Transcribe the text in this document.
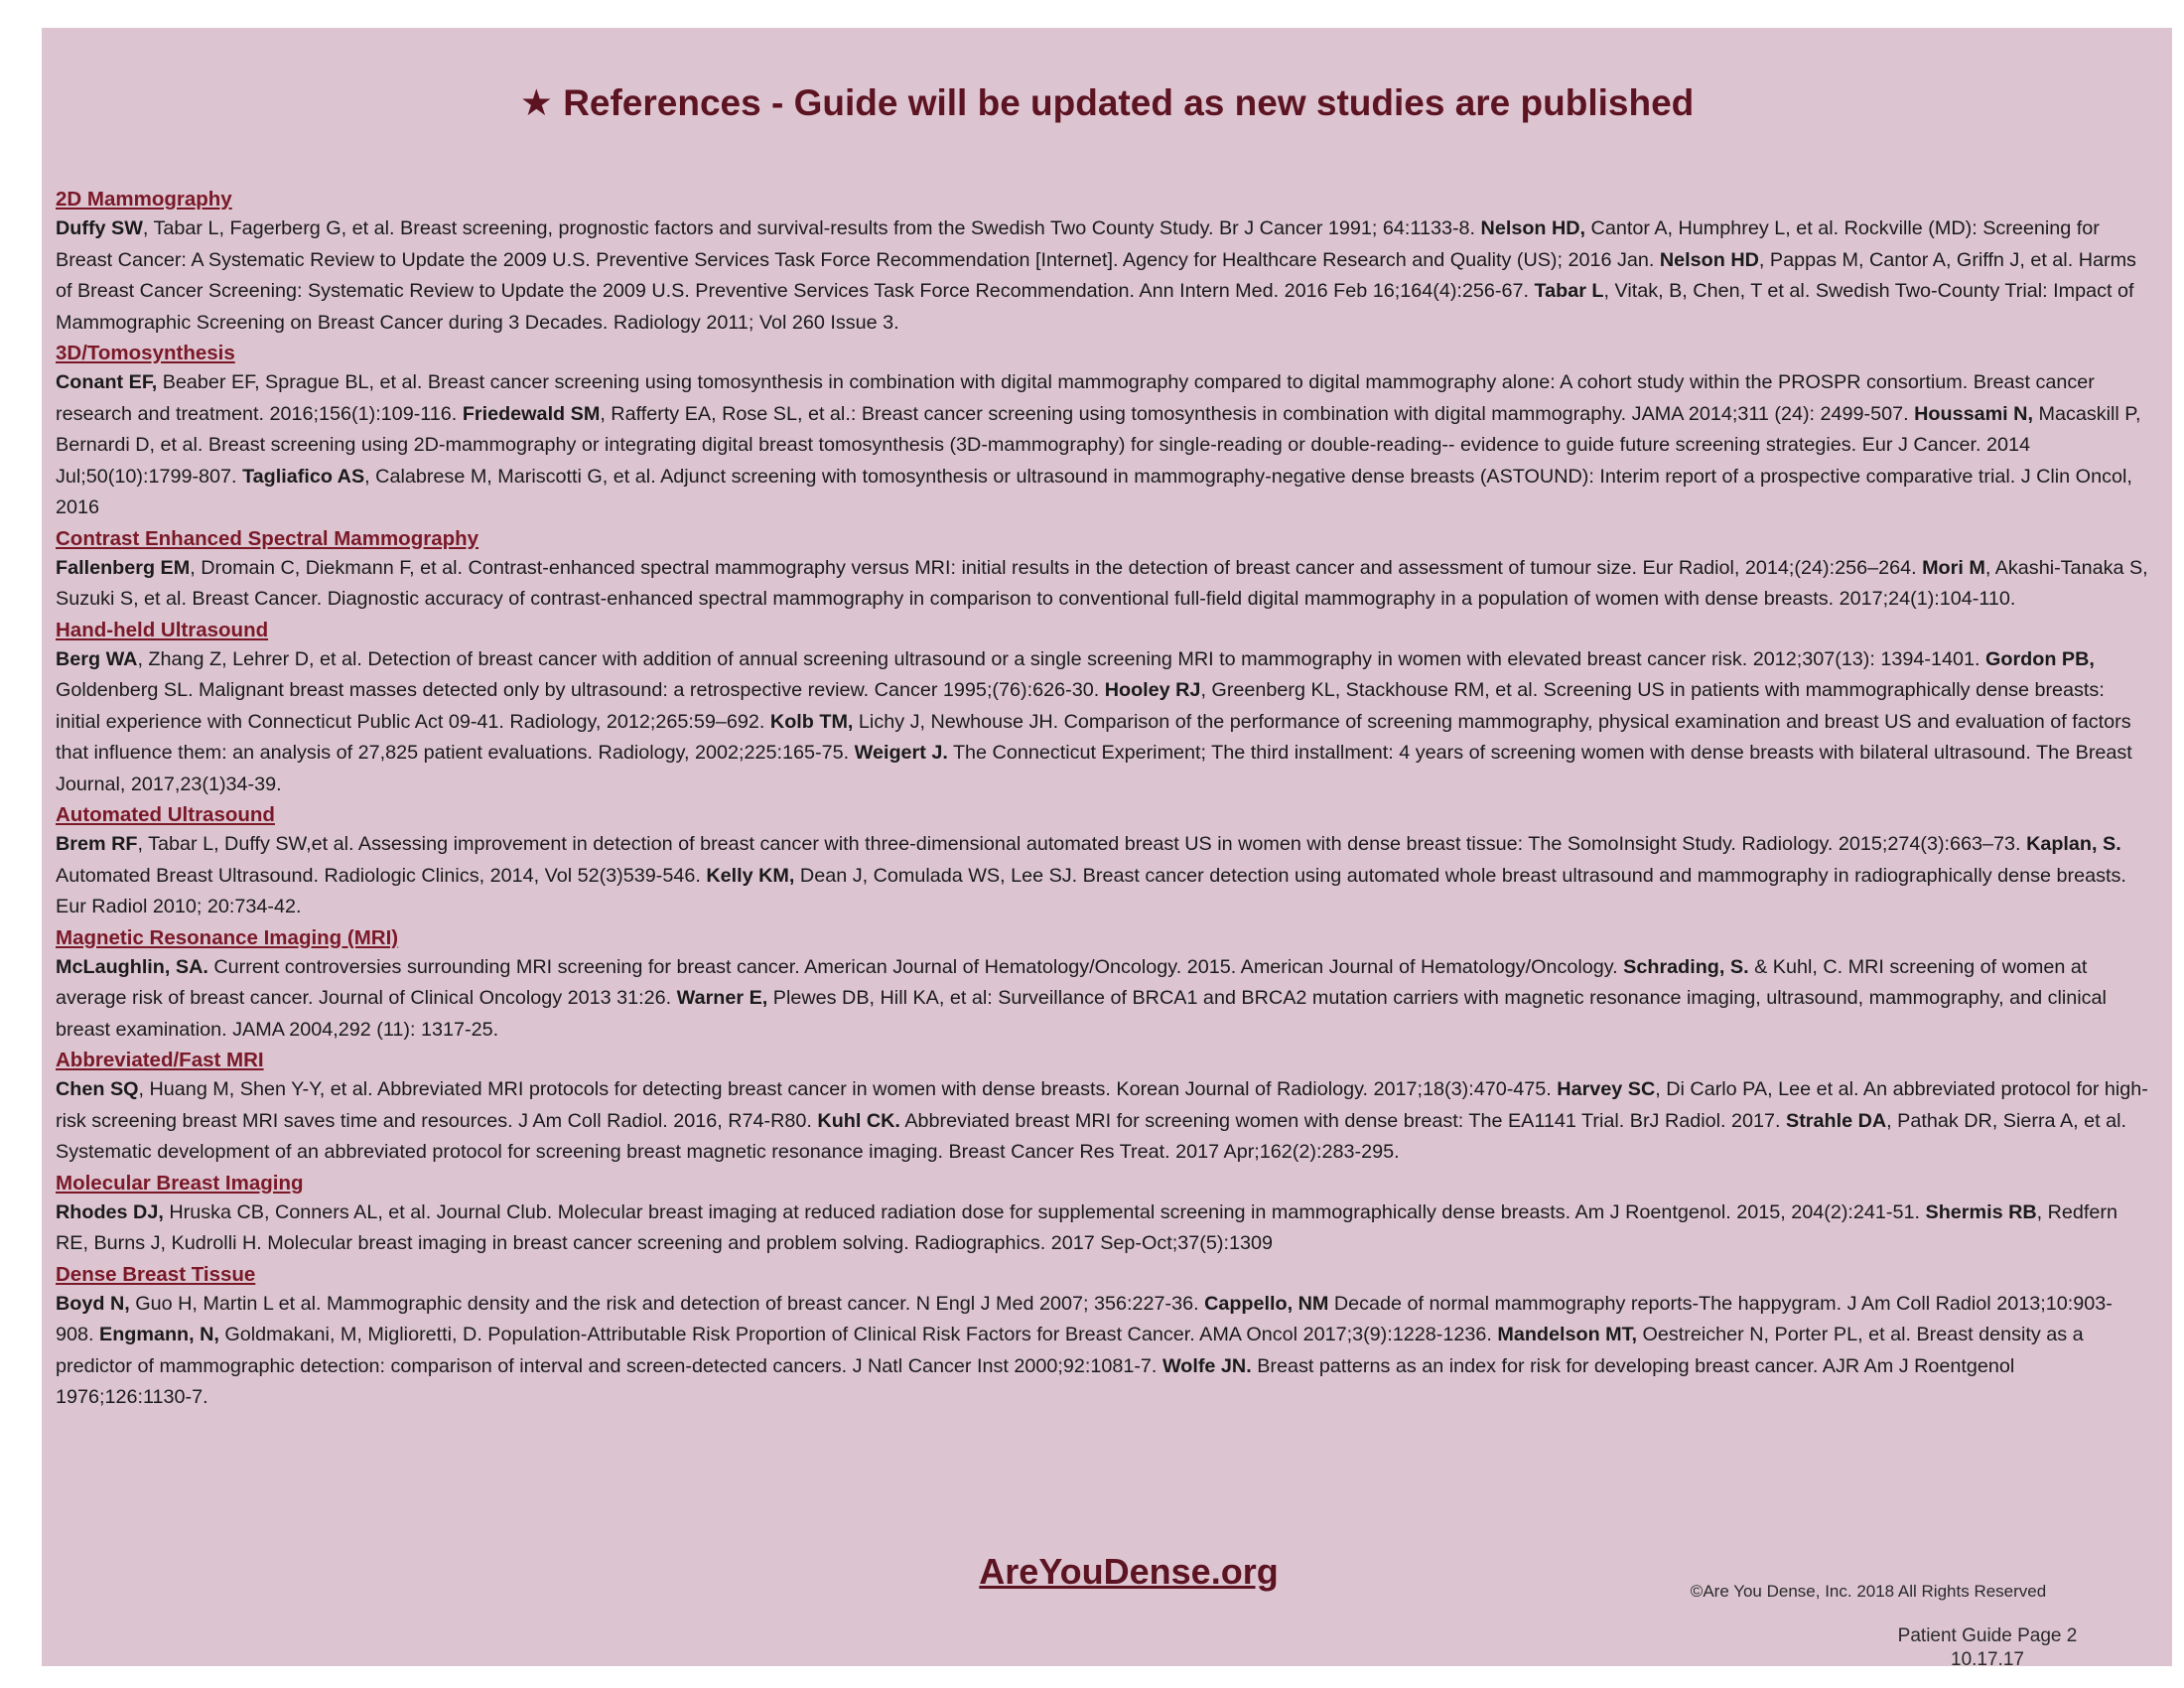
★ References - Guide will be updated as new studies are published
2D Mammography
Duffy SW, Tabar L, Fagerberg G, et al. Breast screening, prognostic factors and survival-results from the Swedish Two County Study. Br J Cancer 1991; 64:1133-8. Nelson HD, Cantor A, Humphrey L, et al. Rockville (MD): Screening for Breast Cancer: A Systematic Review to Update the 2009 U.S. Preventive Services Task Force Recommendation [Internet]. Agency for Healthcare Research and Quality (US); 2016 Jan. Nelson HD, Pappas M, Cantor A, Griffn J, et al. Harms of Breast Cancer Screening: Systematic Review to Update the 2009 U.S. Preventive Services Task Force Recommendation. Ann Intern Med. 2016 Feb 16;164(4):256-67. Tabar L, Vitak, B, Chen, T et al. Swedish Two-County Trial: Impact of Mammographic Screening on Breast Cancer during 3 Decades. Radiology 2011; Vol 260 Issue 3.
3D/Tomosynthesis
Conant EF, Beaber EF, Sprague BL, et al. Breast cancer screening using tomosynthesis in combination with digital mammography compared to digital mammography alone: A cohort study within the PROSPR consortium. Breast cancer research and treatment. 2016;156(1):109-116. Friedewald SM, Rafferty EA, Rose SL, et al.: Breast cancer screening using tomosynthesis in combination with digital mammography. JAMA 2014;311 (24): 2499-507. Houssami N, Macaskill P, Bernardi D, et al. Breast screening using 2D-mammography or integrating digital breast tomosynthesis (3D-mammography) for single-reading or double-reading-- evidence to guide future screening strategies. Eur J Cancer. 2014 Jul;50(10):1799-807. Tagliafico AS, Calabrese M, Mariscotti G, et al. Adjunct screening with tomosynthesis or ultrasound in mammography-negative dense breasts (ASTOUND): Interim report of a prospective comparative trial. J Clin Oncol, 2016
Contrast Enhanced Spectral Mammography
Fallenberg EM, Dromain C, Diekmann F, et al. Contrast-enhanced spectral mammography versus MRI: initial results in the detection of breast cancer and assessment of tumour size. Eur Radiol, 2014;(24):256–264. Mori M, Akashi-Tanaka S, Suzuki S, et al. Breast Cancer. Diagnostic accuracy of contrast-enhanced spectral mammography in comparison to conventional full-field digital mammography in a population of women with dense breasts. 2017;24(1):104-110.
Hand-held Ultrasound
Berg WA, Zhang Z, Lehrer D, et al. Detection of breast cancer with addition of annual screening ultrasound or a single screening MRI to mammography in women with elevated breast cancer risk. 2012;307(13): 1394-1401. Gordon PB, Goldenberg SL. Malignant breast masses detected only by ultrasound: a retrospective review. Cancer 1995;(76):626-30. Hooley RJ, Greenberg KL, Stackhouse RM, et al. Screening US in patients with mammographically dense breasts: initial experience with Connecticut Public Act 09-41. Radiology, 2012;265:59–692. Kolb TM, Lichy J, Newhouse JH. Comparison of the performance of screening mammography, physical examination and breast US and evaluation of factors that influence them: an analysis of 27,825 patient evaluations. Radiology, 2002;225:165-75. Weigert J. The Connecticut Experiment; The third installment: 4 years of screening women with dense breasts with bilateral ultrasound. The Breast Journal, 2017,23(1)34-39.
Automated Ultrasound
Brem RF, Tabar L, Duffy SW,et al. Assessing improvement in detection of breast cancer with three-dimensional automated breast US in women with dense breast tissue: The SomoInsight Study. Radiology. 2015;274(3):663–73. Kaplan, S. Automated Breast Ultrasound. Radiologic Clinics, 2014, Vol 52(3)539-546. Kelly KM, Dean J, Comulada WS, Lee SJ. Breast cancer detection using automated whole breast ultrasound and mammography in radiographically dense breasts. Eur Radiol 2010; 20:734-42.
Magnetic Resonance Imaging (MRI)
McLaughlin, SA. Current controversies surrounding MRI screening for breast cancer. American Journal of Hematology/Oncology. 2015. American Journal of Hematology/Oncology. Schrading, S. & Kuhl, C. MRI screening of women at average risk of breast cancer. Journal of Clinical Oncology 2013 31:26. Warner E, Plewes DB, Hill KA, et al: Surveillance of BRCA1 and BRCA2 mutation carriers with magnetic resonance imaging, ultrasound, mammography, and clinical breast examination. JAMA 2004,292 (11): 1317-25.
Abbreviated/Fast MRI
Chen SQ, Huang M, Shen Y-Y, et al. Abbreviated MRI protocols for detecting breast cancer in women with dense breasts. Korean Journal of Radiology. 2017;18(3):470-475. Harvey SC, Di Carlo PA, Lee et al. An abbreviated protocol for high-risk screening breast MRI saves time and resources. J Am Coll Radiol. 2016, R74-R80. Kuhl CK. Abbreviated breast MRI for screening women with dense breast: The EA1141 Trial. BrJ Radiol. 2017. Strahle DA, Pathak DR, Sierra A, et al. Systematic development of an abbreviated protocol for screening breast magnetic resonance imaging. Breast Cancer Res Treat. 2017 Apr;162(2):283-295.
Molecular Breast Imaging
Rhodes DJ, Hruska CB, Conners AL, et al. Journal Club. Molecular breast imaging at reduced radiation dose for supplemental screening in mammographically dense breasts. Am J Roentgenol. 2015, 204(2):241-51. Shermis RB, Redfern RE, Burns J, Kudrolli H. Molecular breast imaging in breast cancer screening and problem solving. Radiographics. 2017 Sep-Oct;37(5):1309
Dense Breast Tissue
Boyd N, Guo H, Martin L et al. Mammographic density and the risk and detection of breast cancer. N Engl J Med 2007; 356:227-36. Cappello, NM Decade of normal mammography reports-The happygram. J Am Coll Radiol 2013;10:903-908. Engmann, N, Goldmakani, M, Miglioretti, D. Population-Attributable Risk Proportion of Clinical Risk Factors for Breast Cancer. AMA Oncol 2017;3(9):1228-1236. Mandelson MT, Oestreicher N, Porter PL, et al. Breast density as a predictor of mammographic detection: comparison of interval and screen-detected cancers. J Natl Cancer Inst 2000;92:1081-7. Wolfe JN. Breast patterns as an index for risk for developing breast cancer. AJR Am J Roentgenol 1976;126:1130-7.
AreYouDense.org	©Are You Dense, Inc. 2018 All Rights Reserved
Patient Guide Page 2
10.17.17
